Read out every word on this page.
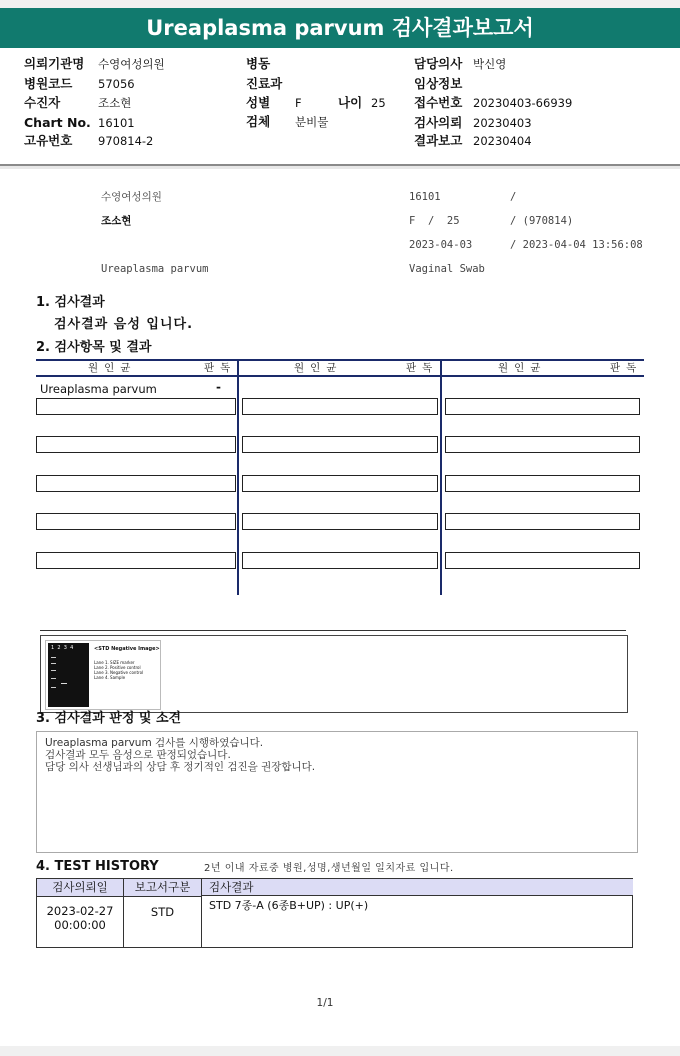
Ureaplasma parvum 검사결과보고서
의뢰기관명 수영여성의원	병동	담당의사 박신영
병원코드 57056	진료과	임상정보
수진자	조소현	성별 F	나이 25 접수번호 20230403-66939
Chart No. 16101	검체 분비물	검사의뢰 20230403
고유번호 970814-2	결과보고 20230404
수영여성의원	16101	/
조소현	F  /  25	/ (970814)
2023-04-03	/ 2023-04-04 13:56:08
Ureaplasma parvum	Vaginal Swab
1. 검사결과
검사결과 음성 입니다.
2. 검사항목 및 결과
원인균	판독	원인균	판독	원인균	판독
Ureaplasma parvum	-
1  2  3  4	<STD Negative Image>
Lane 1. SIZE marker
Lane 2. Positive control
Lane 3. Negative control
Lane 4. Sample
3. 검사결과 판정 및 소견
Ureaplasma parvum 검사를 시행하였습니다.
검사결과 모두 음성으로 판정되었습니다.
담당 의사 선생님과의 상담 후 정기적인 검진을 권장합니다.
4. TEST HISTORY	2년 이내 자료중 병원,성명,생년월일 일치자료 입니다.
검사의뢰일	보고서구분	검사결과
2023-02-27
00:00:00
STD	STD 7종-A (6종B+UP) : UP(+)
1/1
